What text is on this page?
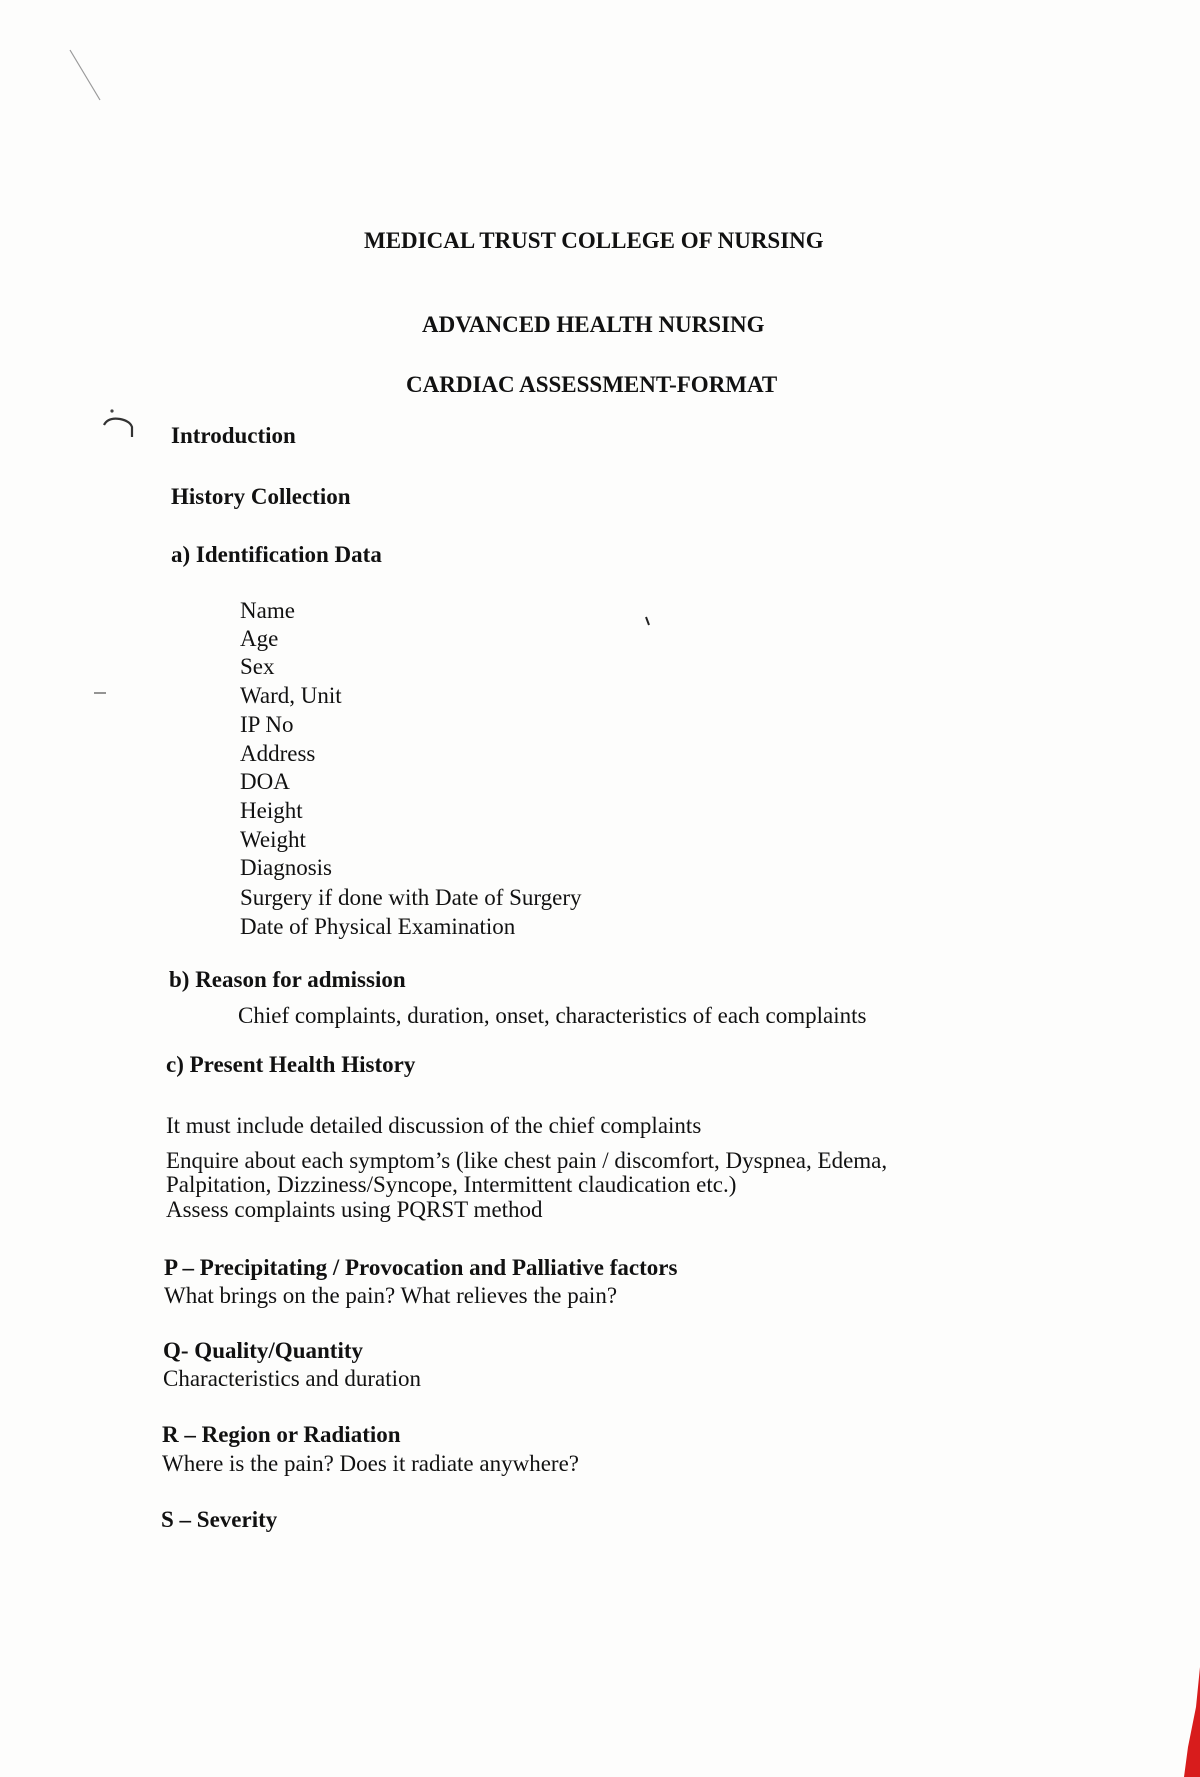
MEDICAL TRUST COLLEGE OF NURSING
ADVANCED HEALTH NURSING
CARDIAC ASSESSMENT-FORMAT
Introduction
History Collection
a) Identification Data
Name
Age
Sex
Ward, Unit
IP No
Address
DOA
Height
Weight
Diagnosis
Surgery if done with Date of Surgery
Date of Physical Examination
b) Reason for admission
Chief complaints, duration, onset, characteristics of each complaints
c) Present Health History
It must include detailed discussion of the chief complaints
Enquire about each symptom’s (like chest pain / discomfort, Dyspnea, Edema,
Palpitation, Dizziness/Syncope, Intermittent claudication etc.)
Assess complaints using PQRST method
P – Precipitating / Provocation and Palliative factors
What brings on the pain? What relieves the pain?
Q- Quality/Quantity
Characteristics and duration
R – Region or Radiation
Where is the pain? Does it radiate anywhere?
S – Severity
